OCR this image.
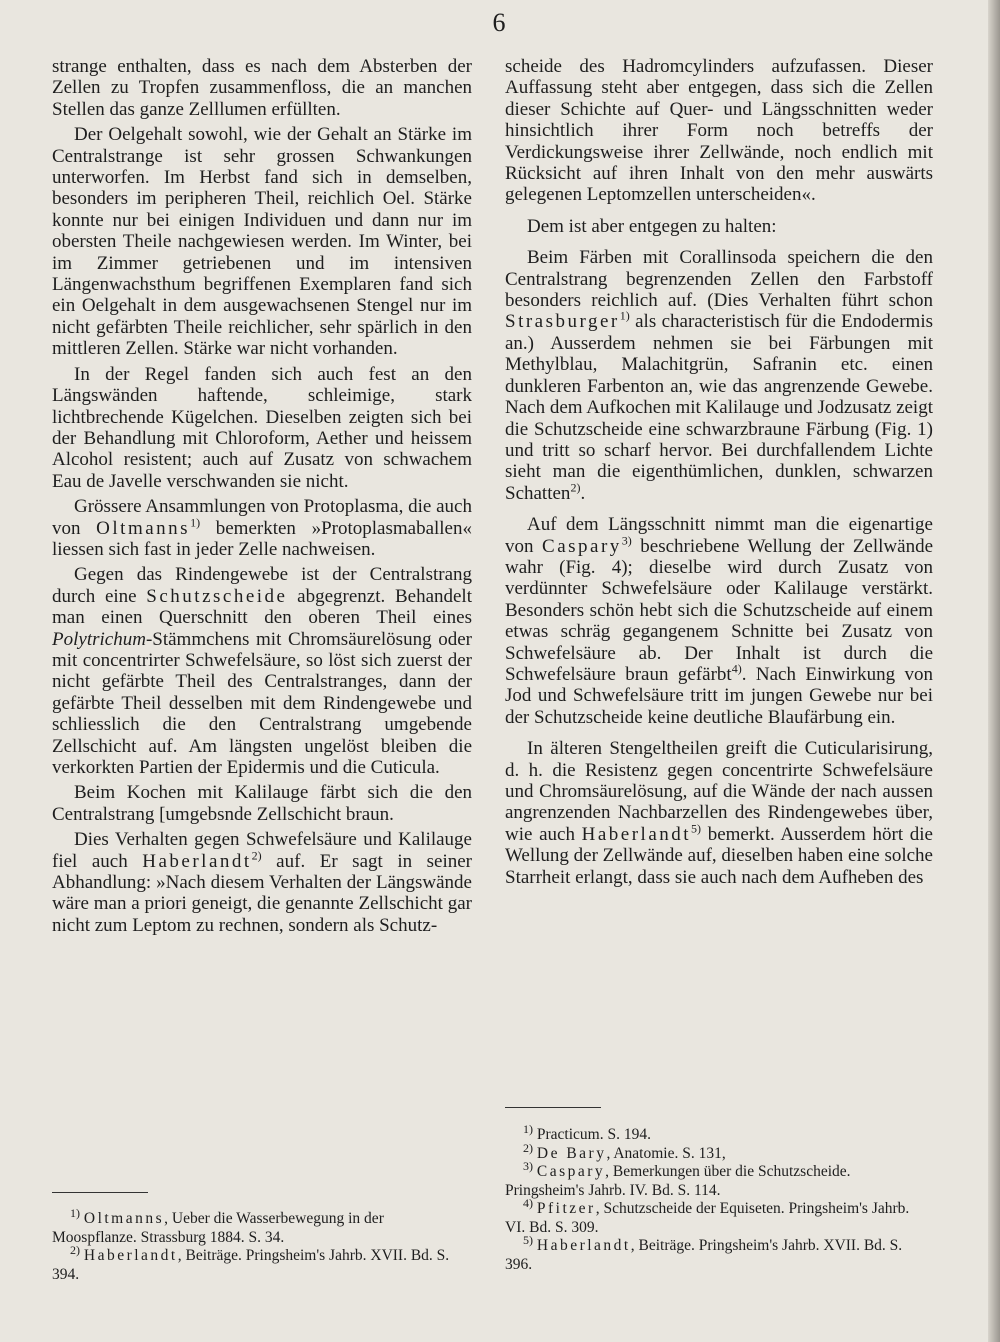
6

strange enthalten, dass es nach dem Absterben der Zellen zu Tropfen zusammenfloss, die an manchen Stellen das ganze Zelllumen erfüllten.

Der Oelgehalt sowohl, wie der Gehalt an Stärke im Centralstrange ist sehr grossen Schwankungen unterworfen. Im Herbst fand sich in demselben, besonders im peripheren Theil, reichlich Oel. Stärke konnte nur bei einigen Individuen und dann nur im obersten Theile nachgewiesen werden. Im Winter, bei im Zimmer getriebenen und im intensiven Längenwachsthum begriffenen Exemplaren fand sich ein Oelgehalt in dem ausgewachsenen Stengel nur im nicht gefärbten Theile reichlicher, sehr spärlich in den mittleren Zellen. Stärke war nicht vorhanden.

In der Regel fanden sich auch fest an den Längswänden haftende, schleimige, stark lichtbrechende Kügelchen. Dieselben zeigten sich bei der Behandlung mit Chloroform, Aether und heissem Alcohol resistent; auch auf Zusatz von schwachem Eau de Javelle verschwanden sie nicht.

Grössere Ansammlungen von Protoplasma, die auch von Oltmanns$^{1)}$ bemerkten »Protoplasmaballen« liessen sich fast in jeder Zelle nachweisen.

Gegen das Rindengewebe ist der Centralstrang durch eine Schutzscheide abgegrenzt. Behandelt man einen Querschnitt den oberen Theil eines Polytrichum-Stämmchens mit Chromsäurelösung oder mit concentrirter Schwefelsäure, so löst sich zuerst der nicht gefärbte Theil des Centralstranges, dann der gefärbte Theil desselben mit dem Rindengewebe und schliesslich die den Centralstrang umgebende Zellschicht auf. Am längsten ungelöst bleiben die verkorkten Partien der Epidermis und die Cuticula.

Beim Kochen mit Kalilauge färbt sich die den Centralstrang [umgebsnde Zellschicht braun.

Dies Verhalten gegen Schwefelsäure und Kalilauge fiel auch Haberlandt$^{2)}$ auf. Er sagt in seiner Abhandlung: »Nach diesem Verhalten der Längswände wäre man a priori geneigt, die genannte Zellschicht gar nicht zum Leptom zu rechnen, sondern als Schutz-

scheide des Hadromcylinders aufzufassen. Dieser Auffassung steht aber entgegen, dass sich die Zellen dieser Schichte auf Quer- und Längsschnitten weder hinsichtlich ihrer Form noch betreffs der Verdickungsweise ihrer Zellwände, noch endlich mit Rücksicht auf ihren Inhalt von den mehr auswärts gelegenen Leptomzellen unterscheiden«.

Dem ist aber entgegen zu halten:

Beim Färben mit Corallinsoda speichern die den Centralstrang begrenzenden Zellen den Farbstoff besonders reichlich auf. (Dies Verhalten führt schon Strasburger$^{1)}$ als characteristisch für die Endodermis an.) Ausserdem nehmen sie bei Färbungen mit Methylblau, Malachitgrün, Safranin etc. einen dunkleren Farbenton an, wie das angrenzende Gewebe. Nach dem Aufkochen mit Kalilauge und Jodzusatz zeigt die Schutzscheide eine schwarzbraune Färbung (Fig. 1) und tritt so scharf hervor. Bei durchfallendem Lichte sieht man die eigenthümlichen, dunklen, schwarzen Schatten$^{2)}$.

Auf dem Längsschnitt nimmt man die eigenartige von Caspary$^{3)}$ beschriebene Wellung der Zellwände wahr (Fig. 4); dieselbe wird durch Zusatz von verdünnter Schwefelsäure oder Kalilauge verstärkt. Besonders schön hebt sich die Schutzscheide auf einem etwas schräg gegangenem Schnitte bei Zusatz von Schwefelsäure ab. Der Inhalt ist durch die Schwefelsäure braun gefärbt$^{4)}$. Nach Einwirkung von Jod und Schwefelsäure tritt im jungen Gewebe nur bei der Schutzscheide keine deutliche Blaufärbung ein.

In älteren Stengeltheilen greift die Cuticularisirung, d. h. die Resistenz gegen concentrirte Schwefelsäure und Chromsäurelösung, auf die Wände der nach aussen angrenzenden Nachbarzellen des Rindengewebes über, wie auch Haberlandt$^{5)}$ bemerkt. Ausserdem hört die Wellung der Zellwände auf, dieselben haben eine solche Starrheit erlangt, dass sie auch nach dem Aufheben des

$^{1)}$ Oltmanns, Ueber die Wasserbewegung in der Moospflanze. Strassburg 1884. S. 34.

$^{2)}$ Haberlandt, Beiträge. Pringsheim's Jahrb. XVII. Bd. S. 394.

$^{1)}$ Practicum. S. 194.

$^{2)}$ De Bary, Anatomie. S. 131,

$^{3)}$ Caspary, Bemerkungen über die Schutzscheide. Pringsheim's Jahrb. IV. Bd. S. 114.

$^{4)}$ Pfitzer, Schutzscheide der Equiseten. Pringsheim's Jahrb. VI. Bd. S. 309.

$^{5)}$ Haberlandt, Beiträge. Pringsheim's Jahrb. XVII. Bd. S. 396.
